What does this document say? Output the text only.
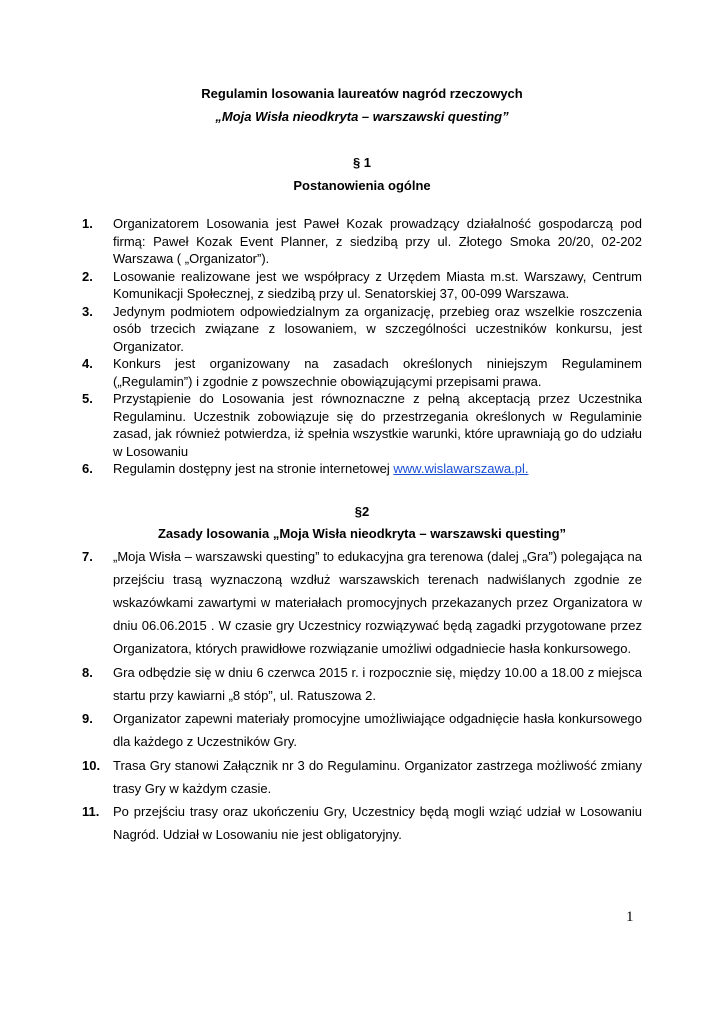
Regulamin losowania laureatów nagród rzeczowych
„Moja Wisła nieodkryta – warszawski questing”
§ 1
Postanowienia ogólne
1.	Organizatorem Losowania jest Paweł Kozak prowadzący działalność gospodarczą pod firmą: Paweł Kozak Event Planner, z siedzibą przy ul. Złotego Smoka 20/20, 02-202 Warszawa ( „Organizator”).
2.	Losowanie realizowane jest we współpracy z Urzędem Miasta m.st. Warszawy, Centrum Komunikacji Społecznej, z siedzibą przy ul. Senatorskiej 37, 00-099 Warszawa.
3.	Jedynym podmiotem odpowiedzialnym za organizację, przebieg oraz wszelkie roszczenia osób trzecich związane z losowaniem, w szczególności uczestników konkursu, jest Organizator.
4.	Konkurs jest organizowany na zasadach określonych niniejszym Regulaminem („Regulamin”) i zgodnie z powszechnie obowiązującymi przepisami prawa.
5.	Przystąpienie do Losowania jest równoznaczne z pełną akceptacją przez Uczestnika Regulaminu. Uczestnik zobowiązuje się do przestrzegania określonych w Regulaminie zasad, jak również potwierdza, iż spełnia wszystkie warunki, które uprawniają go do udziału w Losowaniu
6.	Regulamin dostępny jest na stronie internetowej www.wislawarszawa.pl.
§2
Zasady losowania „Moja Wisła nieodkryta – warszawski questing”
7.	„Moja Wisła – warszawski questing” to edukacyjna gra terenowa (dalej „Gra”) polegająca na przejściu trasą wyznaczoną wzdłuż warszawskich terenach nadwiślanych zgodnie ze wskazówkami zawartymi w materiałach promocyjnych przekazanych przez Organizatora w dniu 06.06.2015 . W czasie gry Uczestnicy rozwiązywać będą zagadki przygotowane przez Organizatora, których prawidłowe rozwiązanie umożliwi odgadniecie hasła konkursowego.
8.	Gra odbędzie się w dniu 6 czerwca 2015 r. i rozpocznie się, między 10.00 a 18.00 z miejsca startu przy kawiarni „8 stóp”, ul. Ratuszowa 2.
9.	Organizator zapewni materiały promocyjne umożliwiające odgadnięcie hasła konkursowego dla każdego z Uczestników Gry.
10. Trasa Gry stanowi Załącznik nr 3 do Regulaminu. Organizator zastrzega możliwość zmiany trasy Gry w każdym czasie.
11.	Po przejściu trasy oraz ukończeniu Gry, Uczestnicy będą mogli wziąć udział w Losowaniu Nagród. Udział w Losowaniu nie jest obligatoryjny.
1
